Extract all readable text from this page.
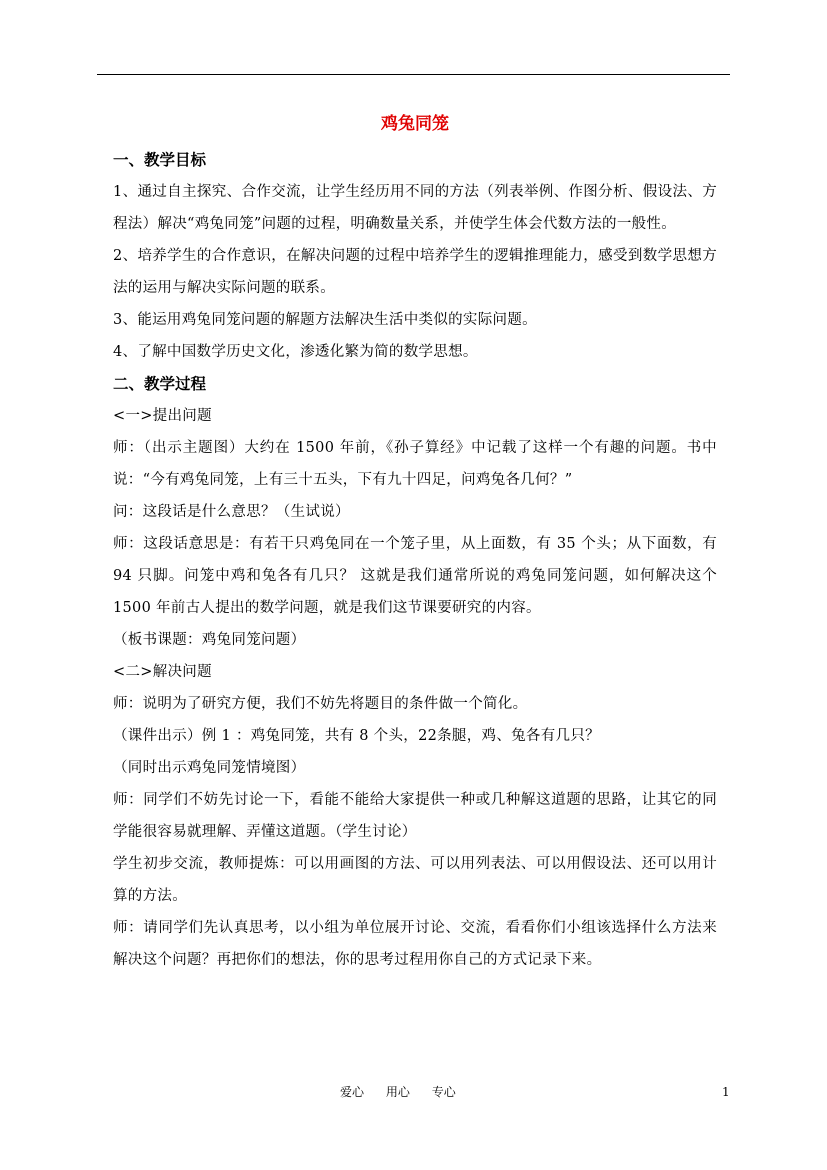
鸡兔同笼
一、教学目标

1、通过自主探究、合作交流，让学生经历用不同的方法（列表举例、作图分析、假设法、方程法）解决“鸡兔同笼”问题的过程，明确数量关系，并使学生体会代数方法的一般性。

2、培养学生的合作意识，在解决问题的过程中培养学生的逻辑推理能力，感受到数学思想方法的运用与解决实际问题的联系。

3、能运用鸡兔同笼问题的解题方法解决生活中类似的实际问题。

4、了解中国数学历史文化，渗透化繁为简的数学思想。

二、教学过程

<一>提出问题

师：（出示主题图）大约在 1500 年前，《孙子算经》中记载了这样一个有趣的问题。书中说：“今有鸡兔同笼，上有三十五头，下有九十四足，问鸡兔各几何？”

问：这段话是什么意思？（生试说）

师：这段话意思是：有若干只鸡兔同在一个笼子里，从上面数，有 35 个头；从下面数，有 94 只脚。问笼中鸡和兔各有几只？ 这就是我们通常所说的鸡兔同笼问题，如何解决这个 1500 年前古人提出的数学问题，就是我们这节课要研究的内容。

（板书课题：鸡兔同笼问题）

<二>解决问题

师：说明为了研究方便，我们不妨先将题目的条件做一个简化。

（课件出示）例 1 ：鸡兔同笼，共有 8 个头，22条腿，鸡、兔各有几只？

（同时出示鸡兔同笼情境图）

师：同学们不妨先讨论一下，看能不能给大家提供一种或几种解这道题的思路，让其它的同学能很容易就理解、弄懂这道题。（学生讨论）

学生初步交流，教师提炼：可以用画图的方法、可以用列表法、可以用假设法、还可以用计算的方法。

师：请同学们先认真思考，以小组为单位展开讨论、交流，看看你们小组该选择什么方法来解决这个问题？再把你们的想法，你的思考过程用你自己的方式记录下来。

爱心 用心 专心	1
